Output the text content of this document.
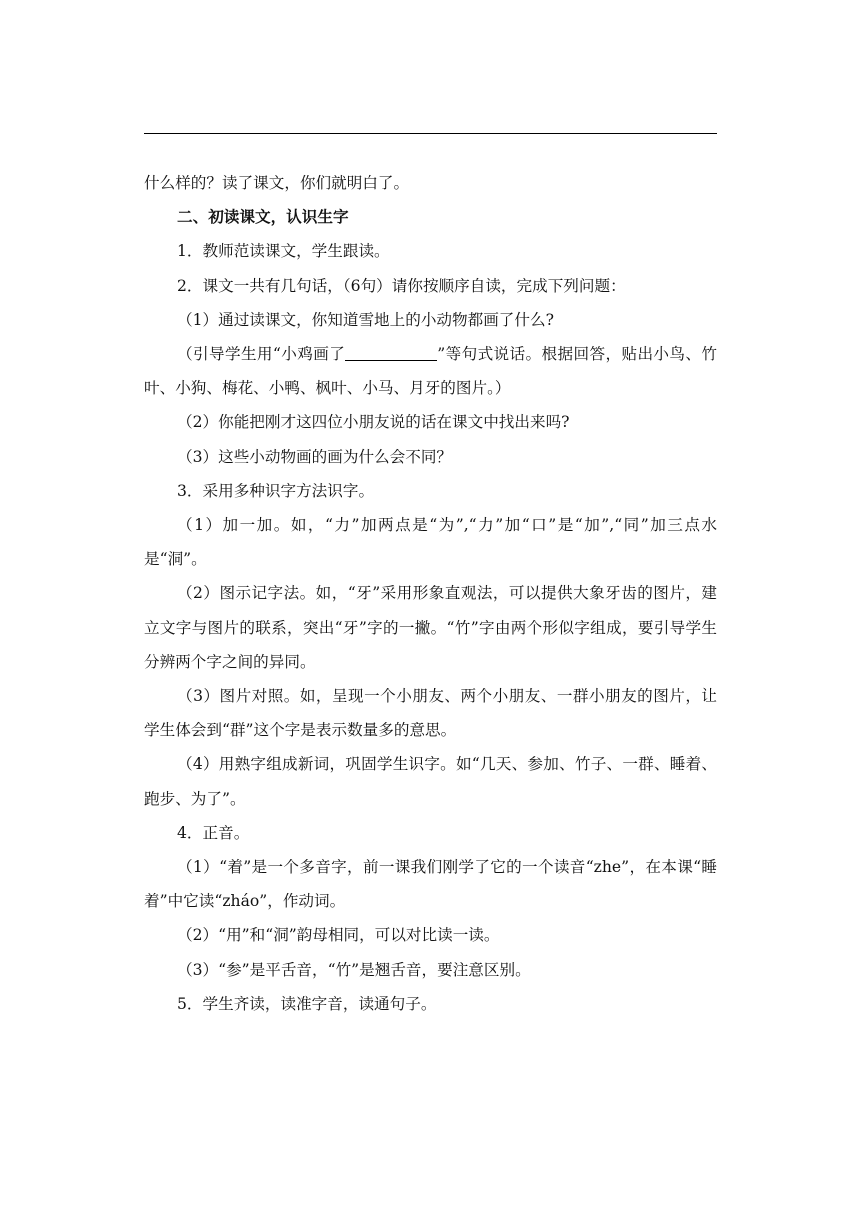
什么样的？读了课文，你们就明白了。

二、初读课文，认识生字

1．教师范读课文，学生跟读。

2．课文一共有几句话，（6句）请你按顺序自读，完成下列问题：

（1）通过读课文，你知道雪地上的小动物都画了什么?

（引导学生用“小鸡画了	”等句式说话。根据回答，贴出小鸟、竹叶、小狗、梅花、小鸭、枫叶、小马、月牙的图片。）

（2）你能把刚才这四位小朋友说的话在课文中找出来吗?

（3）这些小动物画的画为什么会不同？

3．采用多种识字方法识字。

（1）加一加。如，“力”加两点是“为”,“力”加“口”是“加”,“同”加三点水是“洞”。

（2）图示记字法。如，“牙”采用形象直观法，可以提供大象牙齿的图片，建立文字与图片的联系，突出“牙”字的一撇。“竹”字由两个形似字组成，要引导学生分辨两个字之间的异同。

（3）图片对照。如，呈现一个小朋友、两个小朋友、一群小朋友的图片，让学生体会到“群”这个字是表示数量多的意思。

（4）用熟字组成新词，巩固学生识字。如“几天、参加、竹子、一群、睡着、跑步、为了”。

4．正音。

（1）“着”是一个多音字，前一课我们刚学了它的一个读音“zhe”，在本课“睡着”中它读“zháo”，作动词。

（2）“用”和“洞”韵母相同，可以对比读一读。

（3）“参”是平舌音，“竹”是翘舌音，要注意区别。

5．学生齐读，读准字音，读通句子。
